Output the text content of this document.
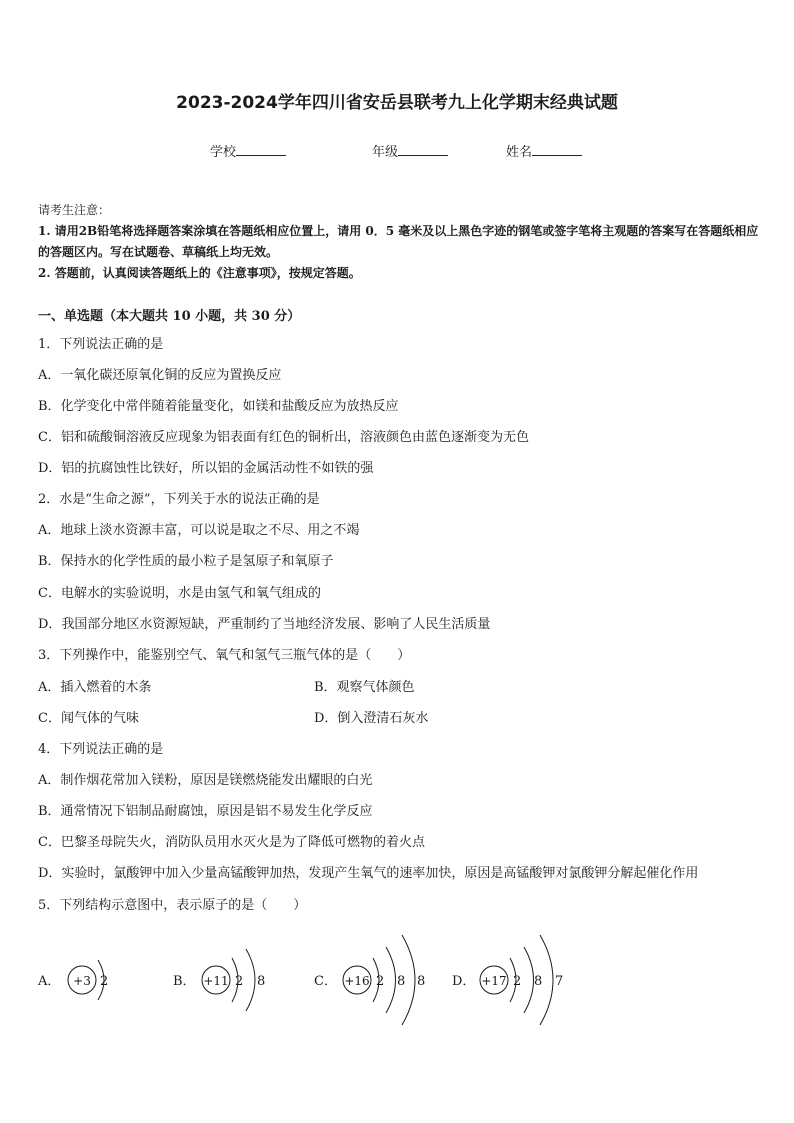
2023-2024学年四川省安岳县联考九上化学期末经典试题
学校	年级	姓名
请考生注意：
1. 请用2B铅笔将选择题答案涂填在答题纸相应位置上，请用 0．5 毫米及以上黑色字迹的钢笔或签字笔将主观题的答案写在答题纸相应的答题区内。写在试题卷、草稿纸上均无效。
2. 答题前，认真阅读答题纸上的《注意事项》，按规定答题。
一、单选题（本大题共 10 小题，共 30 分）
1．下列说法正确的是
A．一氧化碳还原氧化铜的反应为置换反应
B．化学变化中常伴随着能量变化，如镁和盐酸反应为放热反应
C．铝和硫酸铜溶液反应现象为铝表面有红色的铜析出，溶液颜色由蓝色逐渐变为无色
D．铝的抗腐蚀性比铁好，所以铝的金属活动性不如铁的强
2．水是“生命之源”，下列关于水的说法正确的是
A．地球上淡水资源丰富，可以说是取之不尽、用之不竭
B．保持水的化学性质的最小粒子是氢原子和氧原子
C．电解水的实验说明，水是由氢气和氧气组成的
D．我国部分地区水资源短缺，严重制约了当地经济发展、影响了人民生活质量
3．下列操作中，能鉴别空气、氧气和氢气三瓶气体的是（　　）
A．插入燃着的木条	B．观察气体颜色
C．闻气体的气味	D．倒入澄清石灰水
4．下列说法正确的是
A．制作烟花常加入镁粉，原因是镁燃烧能发出耀眼的白光
B．通常情况下铝制品耐腐蚀，原因是铝不易发生化学反应
C．巴黎圣母院失火，消防队员用水灭火是为了降低可燃物的着火点
D．实验时，氯酸钾中加入少量高锰酸钾加热，发现产生氧气的速率加快，原因是高锰酸钾对氯酸钾分解起催化作用
5．下列结构示意图中，表示原子的是（　　）
A． +3 2	B． +11 2 8	C． +16 2 8 8 D． +17 2 8 7
